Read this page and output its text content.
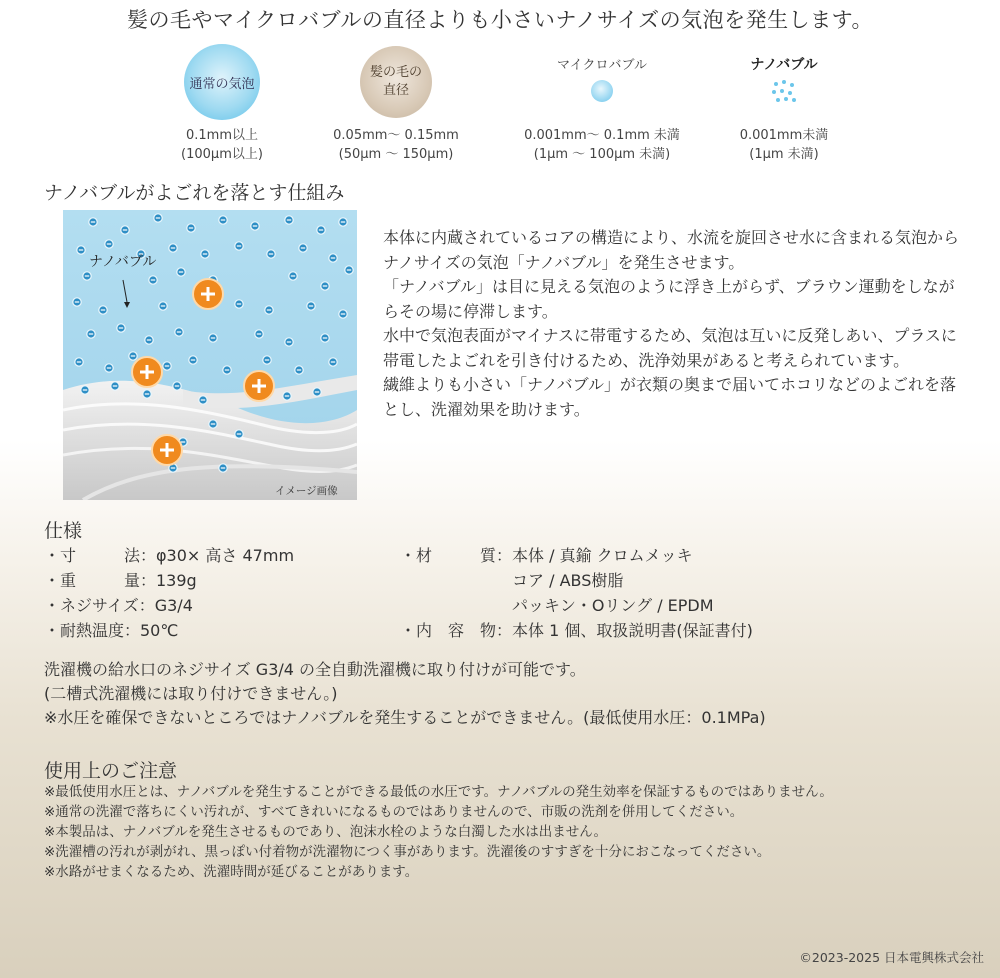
髪の毛やマイクロバブルの直径よりも小さいナノサイズの気泡を発生します。
通常の気泡
0.1mm以上
(100μm以上)
髪の毛の
直径
0.05mm〜 0.15mm
(50μm 〜 150μm)
マイクロバブル
0.001mm〜 0.1mm 未満
(1μm 〜 100μm 未満)
ナノバブル
0.001mm未満
(1μm 未満)
ナノバブルがよごれを落とす仕組み
ナノバブル
イメージ画像
本体に内蔵されているコアの構造により、水流を旋回させ水に含まれる気泡からナノサイズの気泡「ナノバブル」を発生させます。
「ナノバブル」は目に見える気泡のように浮き上がらず、ブラウン運動をしながらその場に停滞します。
水中で気泡表面がマイナスに帯電するため、気泡は互いに反発しあい、プラスに帯電したよごれを引き付けるため、洗浄効果があると考えられています。
繊維よりも小さい「ナノバブル」が衣類の奥まで届いてホコリなどのよごれを落とし、洗濯効果を助けます。
仕様
・寸　　　法：φ30× 高さ 47mm
・重　　　量：139g
・ネジサイズ：G3/4
・耐熱温度：50℃
・材　　　質：本体 / 真鍮 クロムメッキ
　　　　　　　コア / ABS樹脂
　　　　　　　パッキン・Oリング / EPDM
・内　容　物：本体 1 個、取扱説明書(保証書付)
洗濯機の給水口のネジサイズ G3/4 の全自動洗濯機に取り付けが可能です。
(二槽式洗濯機には取り付けできません。)
※水圧を確保できないところではナノバブルを発生することができません。(最低使用水圧：0.1MPa)
使用上のご注意
※最低使用水圧とは、ナノバブルを発生することができる最低の水圧です。ナノバブルの発生効率を保証するものではありません。
※通常の洗濯で落ちにくい汚れが、すべてきれいになるものではありませんので、市販の洗剤を併用してください。
※本製品は、ナノバブルを発生させるものであり、泡沫水栓のような白濁した水は出ません。
※洗濯槽の汚れが剥がれ、黒っぽい付着物が洗濯物につく事があります。洗濯後のすすぎを十分におこなってください。
※水路がせまくなるため、洗濯時間が延びることがあります。
©2023-2025 日本電興株式会社
